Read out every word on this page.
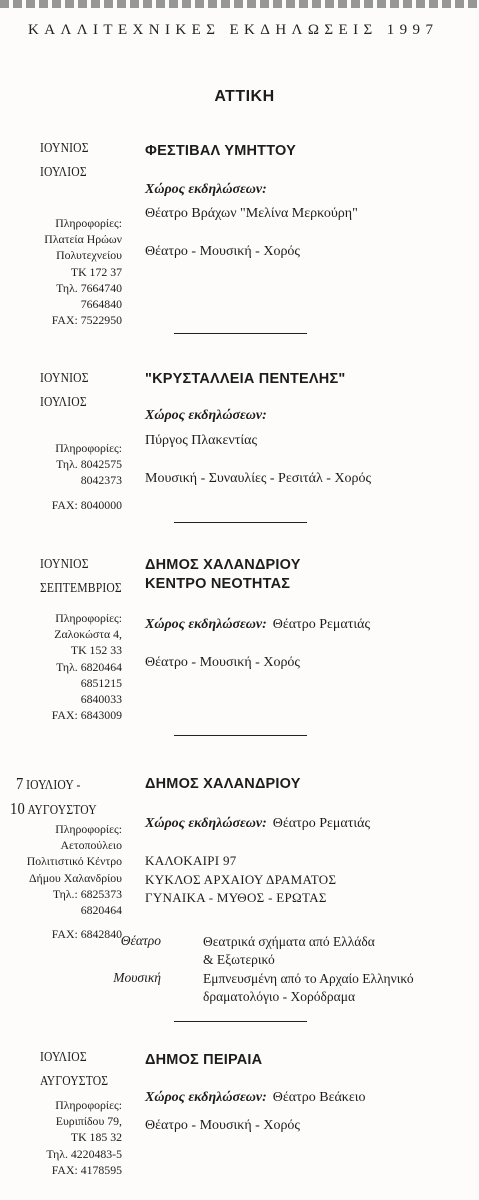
ΚΑΛΛΙΤΕΧΝΙΚΕΣ ΕΚΔΗΛΩΣΕΙΣ 1997
ΑΤΤΙΚΗ
ΙΟΥΝΙΟΣ
ΙΟΥΛΙΟΣ
ΦΕΣΤΙΒΑΛ ΥΜΗΤΤΟΥ
Χώρος εκδηλώσεων:
Θέατρο Βράχων "Μελίνα Μερκούρη"
Θέατρο - Μουσική - Χορός
Πληροφορίες:
Πλατεία Ηρώων
Πολυτεχνείου
ΤΚ 172 37
Τηλ. 7664740
7664840
FAX: 7522950
ΙΟΥΝΙΟΣ
ΙΟΥΛΙΟΣ
"ΚΡΥΣΤΑΛΛΕΙΑ ΠΕΝΤΕΛΗΣ"
Χώρος εκδηλώσεων:
Πύργος Πλακεντίας
Μουσική - Συναυλίες - Ρεσιτάλ - Χορός
Πληροφορίες:
Τηλ. 8042575
8042373
FAX: 8040000
ΙΟΥΝΙΟΣ
ΣΕΠΤΕΜΒΡΙΟΣ
ΔΗΜΟΣ ΧΑΛΑΝΔΡΙΟΥ
ΚΕΝΤΡΟ ΝΕΟΤΗΤΑΣ
Χώρος εκδηλώσεων: Θέατρο Ρεματιάς
Θέατρο - Μουσική - Χορός
Πληροφορίες:
Ζαλοκώστα 4,
ΤΚ 152 33
Τηλ. 6820464
6851215
6840033
FAX: 6843009
7 ΙΟΥΛΙΟΥ -
10 ΑΥΓΟΥΣΤΟΥ
ΔΗΜΟΣ ΧΑΛΑΝΔΡΙΟΥ
Χώρος εκδηλώσεων: Θέατρο Ρεματιάς
ΚΑΛΟΚΑΙΡΙ 97
ΚΥΚΛΟΣ ΑΡΧΑΙΟΥ ΔΡΑΜΑΤΟΣ
ΓΥΝΑΙΚΑ - ΜΥΘΟΣ - ΕΡΩΤΑΣ
Θέατρο	Θεατρικά σχήματα από Ελλάδα
& Εξωτερικό
Μουσική	Εμπνευσμένη από το Αρχαίο Ελληνικό
δραματολόγιο - Χορόδραμα
Πληροφορίες:
Αετοπούλειο
Πολιτιστικό Κέντρο
Δήμου Χαλανδρίου
Τηλ.: 6825373
6820464
FAX: 6842840
ΙΟΥΛΙΟΣ
ΑΥΓΟΥΣΤΟΣ
ΔΗΜΟΣ ΠΕΙΡΑΙΑ
Χώρος εκδηλώσεων: Θέατρο Βεάκειο
Θέατρο - Μουσική - Χορός
Πληροφορίες:
Ευριπίδου 79,
ΤΚ 185 32
Τηλ. 4220483-5
FAX: 4178595
